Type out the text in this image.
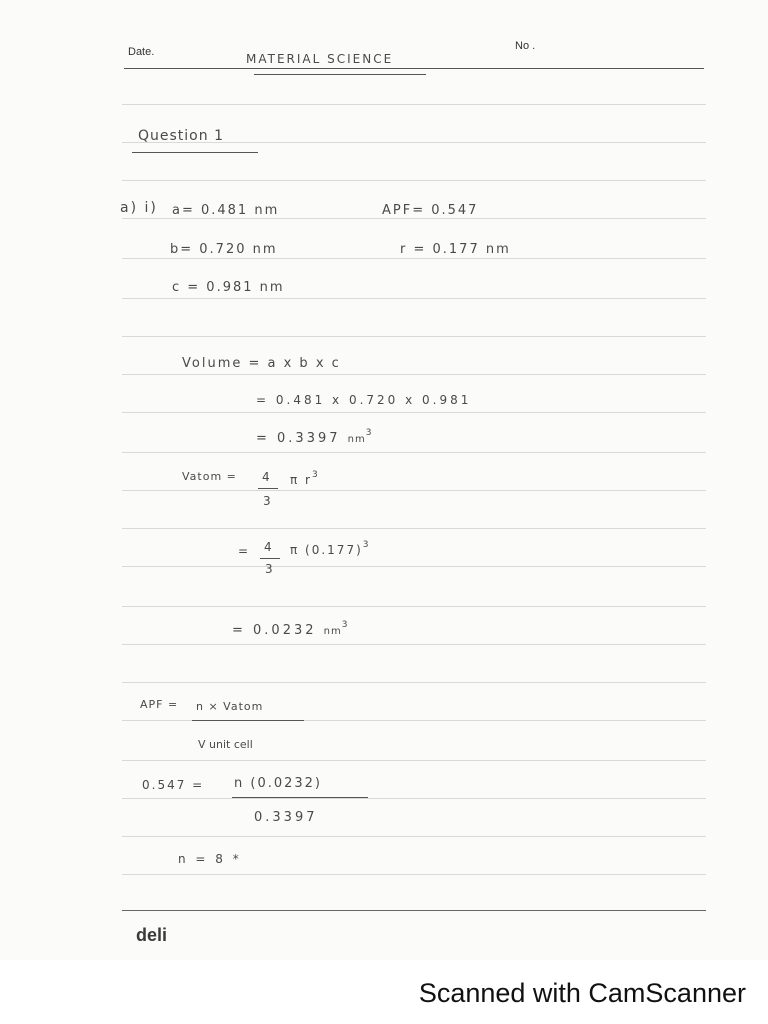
Date.	MATERIAL SCIENCE
No .
Question 1
a) i) a= 0.481 nm	APF= 0.547
b= 0.720 nm	r = 0.177 nm
c = 0.981 nm
Volume = a x b x c
= 0.481 x 0.720 x 0.981
= 0.3397 $nm^3$
Vatom = 4
3
π $r^3$
= 4
3
π $(0.177)^3$
= 0.0232 $nm^3$
APF = n × Vatom
V unit cell
0.547 = n (0.0232)
0.3397
n = 8 *
deli
Scanned with CamScanner
